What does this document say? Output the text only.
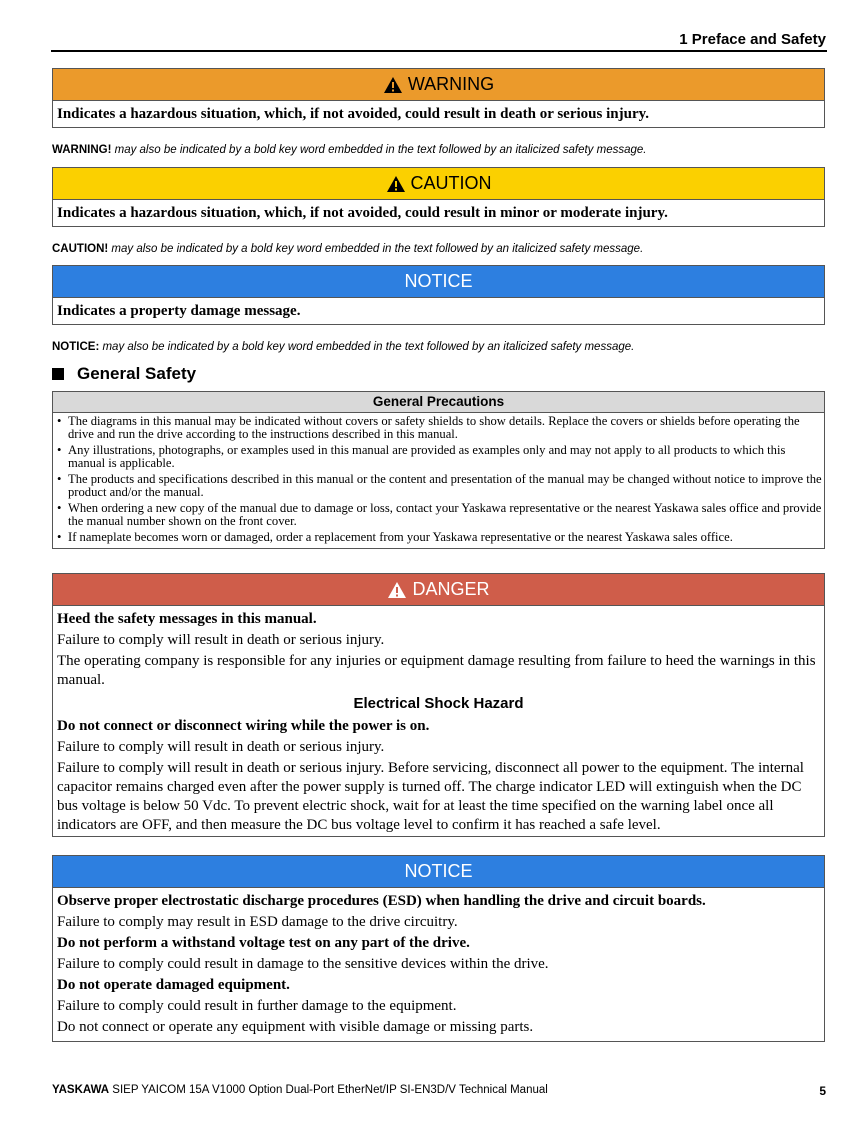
1 Preface and Safety
WARNING
Indicates a hazardous situation, which, if not avoided, could result in death or serious injury.
WARNING! may also be indicated by a bold key word embedded in the text followed by an italicized safety message.
CAUTION
Indicates a hazardous situation, which, if not avoided, could result in minor or moderate injury.
CAUTION! may also be indicated by a bold key word embedded in the text followed by an italicized safety message.
NOTICE
Indicates a property damage message.
NOTICE: may also be indicated by a bold key word embedded in the text followed by an italicized safety message.
General Safety
General Precautions
• The diagrams in this manual may be indicated without covers or safety shields to show details. Replace the covers or shields before operating the drive and run the drive according to the instructions described in this manual.
• Any illustrations, photographs, or examples used in this manual are provided as examples only and may not apply to all products to which this manual is applicable.
• The products and specifications described in this manual or the content and presentation of the manual may be changed without notice to improve the product and/or the manual.
• When ordering a new copy of the manual due to damage or loss, contact your Yaskawa representative or the nearest Yaskawa sales office and provide the manual number shown on the front cover.
• If nameplate becomes worn or damaged, order a replacement from your Yaskawa representative or the nearest Yaskawa sales office.
DANGER

Heed the safety messages in this manual.

Failure to comply will result in death or serious injury.

The operating company is responsible for any injuries or equipment damage resulting from failure to heed the warnings in this manual.

Electrical Shock Hazard

Do not connect or disconnect wiring while the power is on.

Failure to comply will result in death or serious injury.

Failure to comply will result in death or serious injury. Before servicing, disconnect all power to the equipment. The internal capacitor remains charged even after the power supply is turned off. The charge indicator LED will extinguish when the DC bus voltage is below 50 Vdc. To prevent electric shock, wait for at least the time specified on the warning label once all indicators are OFF, and then measure the DC bus voltage level to confirm it has reached a safe level.

NOTICE

Observe proper electrostatic discharge procedures (ESD) when handling the drive and circuit boards.

Failure to comply may result in ESD damage to the drive circuitry.

Do not perform a withstand voltage test on any part of the drive.

Failure to comply could result in damage to the sensitive devices within the drive.

Do not operate damaged equipment.

Failure to comply could result in further damage to the equipment.

Do not connect or operate any equipment with visible damage or missing parts.

YASKAWA SIEP YAICOM 15A V1000 Option Dual-Port EtherNet/IP SI-EN3D/V Technical Manual	5
